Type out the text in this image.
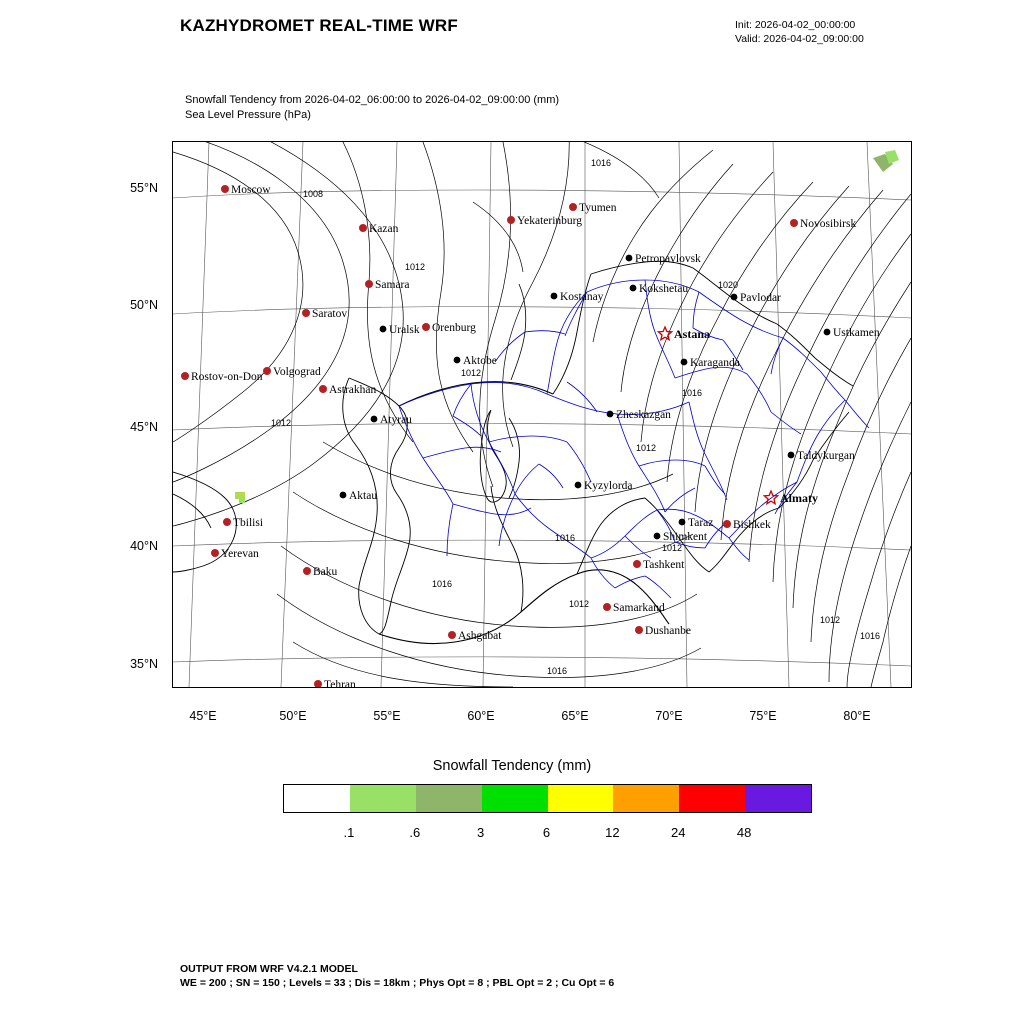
KAZHYDROMET REAL-TIME WRF	Init: 2026-04-02_00:00:00
Valid: 2026-04-02_09:00:00
Snowfall Tendency from 2026-04-02_06:00:00 to 2026-04-02_09:00:00 (mm)
Sea Level Pressure (hPa)
1016
1008
1012
1020
1012
1016
1012
1012
1016
1012
1016
1012
1012
1016
1016
Moscow
Kazan
Yekaterinburg
Tyumen
Novosibirsk
Samara
Petropavlovsk
Kokshetau
Kostanay	Pavlodar
Saratov
Uralsk Orenburg	Astana	Ustkamen
Karaganda
Aktobe
Volgograd
Rostov-on-Don
Astrakhan
Zheskazgan
Atyrau
Taldykurgan
Kyzylorda
Almaty
Aktau
Taraz Bishkek
Shimkent
Tbilisi
Yerevan
Tashkent
Baku
Samarkand
Dushanbe
Ashgabat
Tehran
55°N
50°N
45°N
40°N
35°N
45°E	50°E	55°E	60°E	65°E	70°E	75°E	80°E
Snowfall Tendency (mm)
.1	.6	3	6	12	24	48
OUTPUT FROM WRF V4.2.1 MODEL
WE = 200 ; SN = 150 ; Levels = 33 ; Dis = 18km ; Phys Opt = 8 ; PBL Opt = 2 ; Cu Opt = 6
